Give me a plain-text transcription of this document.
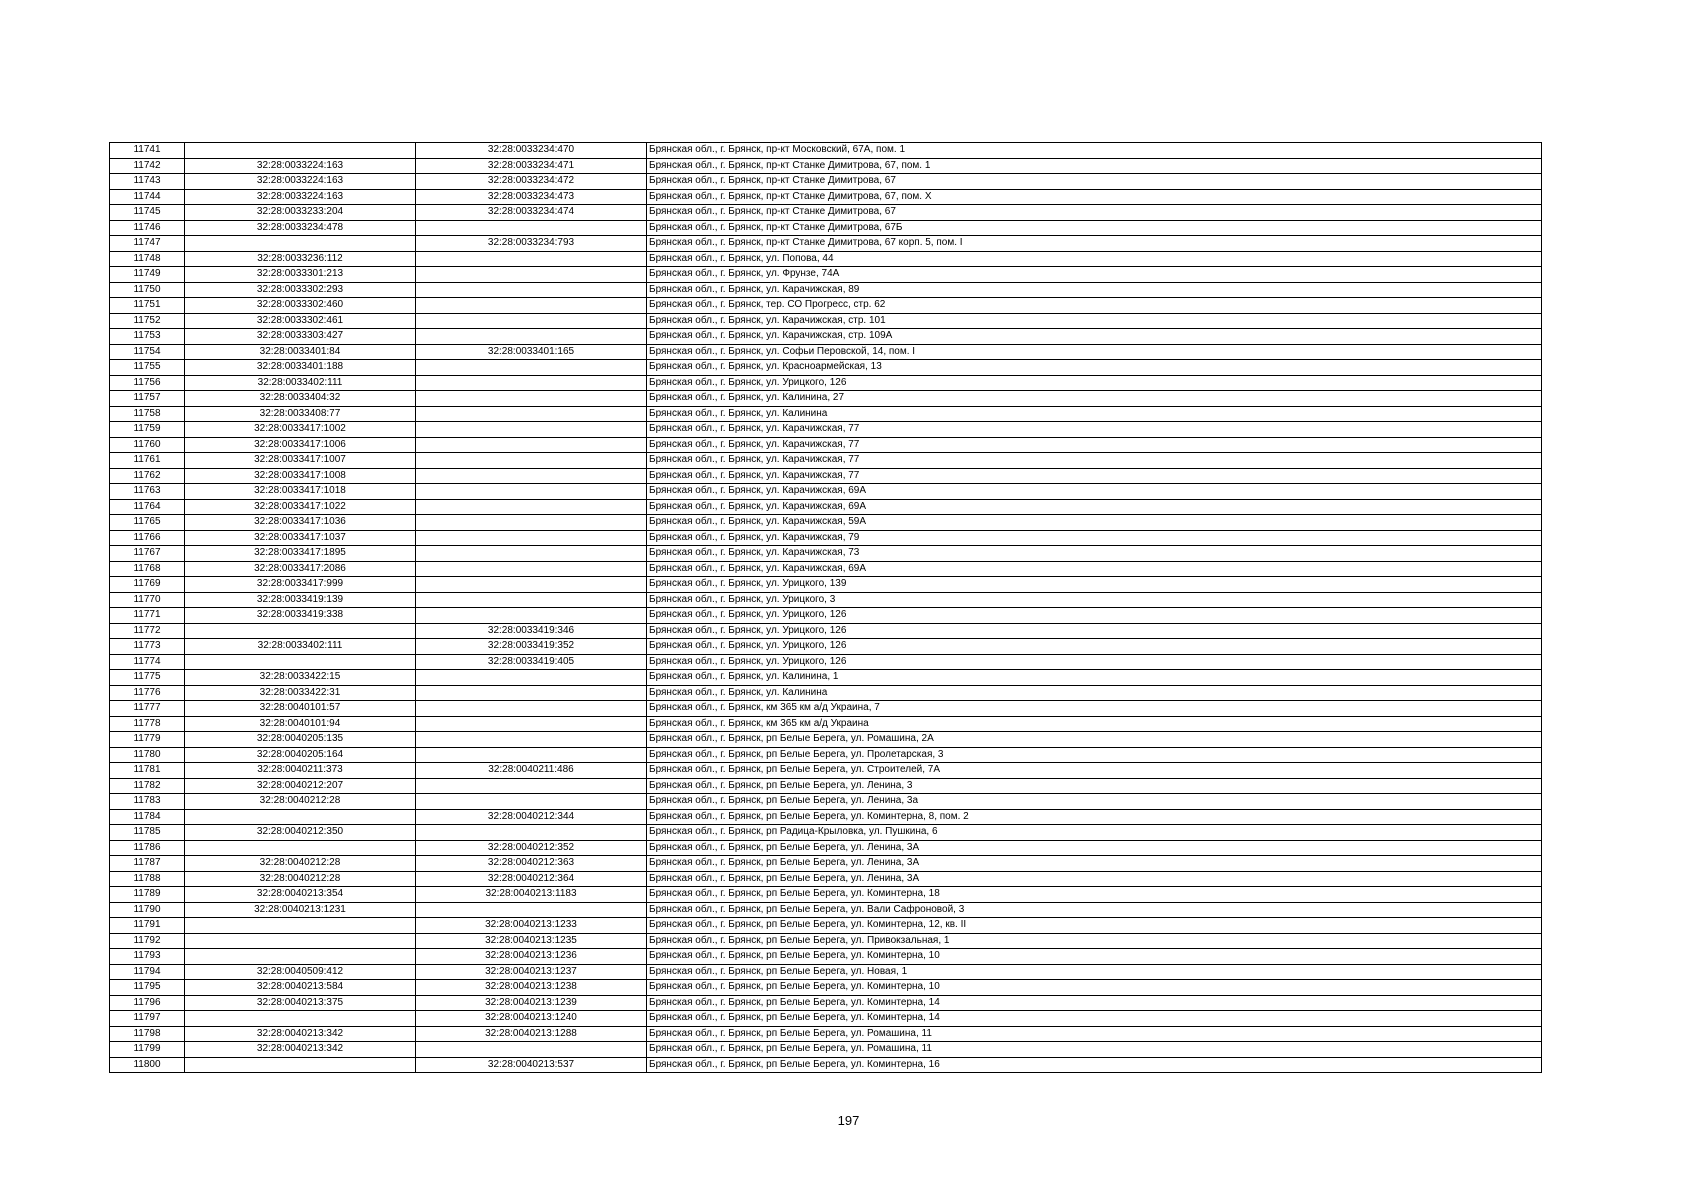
11741		32:28:0033234:470	Брянская обл., г. Брянск, пр-кт Московский, 67А, пом. 1
11742	32:28:0033224:163	32:28:0033234:471	Брянская обл., г. Брянск, пр-кт Станке Димитрова, 67, пом. 1
11743	32:28:0033224:163	32:28:0033234:472	Брянская обл., г. Брянск, пр-кт Станке Димитрова, 67
11744	32:28:0033224:163	32:28:0033234:473	Брянская обл., г. Брянск, пр-кт Станке Димитрова, 67, пом. X
11745	32:28:0033233:204	32:28:0033234:474	Брянская обл., г. Брянск, пр-кт Станке Димитрова, 67
11746	32:28:0033234:478		Брянская обл., г. Брянск, пр-кт Станке Димитрова, 67Б
11747		32:28:0033234:793	Брянская обл., г. Брянск, пр-кт Станке Димитрова, 67 корп. 5, пом. I
11748	32:28:0033236:112		Брянская обл., г. Брянск, ул. Попова, 44
11749	32:28:0033301:213		Брянская обл., г. Брянск, ул. Фрунзе, 74А
11750	32:28:0033302:293		Брянская обл., г. Брянск, ул. Карачижская, 89
11751	32:28:0033302:460		Брянская обл., г. Брянск, тер. СО Прогресс, стр. 62
11752	32:28:0033302:461		Брянская обл., г. Брянск, ул. Карачижская, стр. 101
11753	32:28:0033303:427		Брянская обл., г. Брянск, ул. Карачижская, стр. 109А
11754	32:28:0033401:84	32:28:0033401:165	Брянская обл., г. Брянск, ул. Софьи Перовской, 14, пом. I
11755	32:28:0033401:188		Брянская обл., г. Брянск, ул. Красноармейская, 13
11756	32:28:0033402:111		Брянская обл., г. Брянск, ул. Урицкого, 126
11757	32:28:0033404:32		Брянская обл., г. Брянск, ул. Калинина, 27
11758	32:28:0033408:77		Брянская обл., г. Брянск, ул. Калинина
11759	32:28:0033417:1002		Брянская обл., г. Брянск, ул. Карачижская, 77
11760	32:28:0033417:1006		Брянская обл., г. Брянск, ул. Карачижская, 77
11761	32:28:0033417:1007		Брянская обл., г. Брянск, ул. Карачижская, 77
11762	32:28:0033417:1008		Брянская обл., г. Брянск, ул. Карачижская, 77
11763	32:28:0033417:1018		Брянская обл., г. Брянск, ул. Карачижская, 69А
11764	32:28:0033417:1022		Брянская обл., г. Брянск, ул. Карачижская, 69А
11765	32:28:0033417:1036		Брянская обл., г. Брянск, ул. Карачижская, 59А
11766	32:28:0033417:1037		Брянская обл., г. Брянск, ул. Карачижская, 79
11767	32:28:0033417:1895		Брянская обл., г. Брянск, ул. Карачижская, 73
11768	32:28:0033417:2086		Брянская обл., г. Брянск, ул. Карачижская, 69А
11769	32:28:0033417:999		Брянская обл., г. Брянск, ул. Урицкого, 139
11770	32:28:0033419:139		Брянская обл., г. Брянск, ул. Урицкого, 3
11771	32:28:0033419:338		Брянская обл., г. Брянск, ул. Урицкого, 126
11772		32:28:0033419:346	Брянская обл., г. Брянск, ул. Урицкого, 126
11773	32:28:0033402:111	32:28:0033419:352	Брянская обл., г. Брянск, ул. Урицкого, 126
11774		32:28:0033419:405	Брянская обл., г. Брянск, ул. Урицкого, 126
11775	32:28:0033422:15		Брянская обл., г. Брянск, ул. Калинина, 1
11776	32:28:0033422:31		Брянская обл., г. Брянск, ул. Калинина
11777	32:28:0040101:57		Брянская обл., г. Брянск, км 365 км а/д Украина, 7
11778	32:28:0040101:94		Брянская обл., г. Брянск, км 365 км а/д Украина
11779	32:28:0040205:135		Брянская обл., г. Брянск, рп Белые Берега, ул. Ромашина, 2А
11780	32:28:0040205:164		Брянская обл., г. Брянск, рп Белые Берега, ул. Пролетарская, 3
11781	32:28:0040211:373	32:28:0040211:486	Брянская обл., г. Брянск, рп Белые Берега, ул. Строителей, 7А
11782	32:28:0040212:207		Брянская обл., г. Брянск, рп Белые Берега, ул. Ленина, 3
11783	32:28:0040212:28		Брянская обл., г. Брянск, рп Белые Берега, ул. Ленина, 3а
11784		32:28:0040212:344	Брянская обл., г. Брянск, рп Белые Берега, ул. Коминтерна, 8, пом. 2
11785	32:28:0040212:350		Брянская обл., г. Брянск, рп Радица-Крыловка, ул. Пушкина, 6
11786		32:28:0040212:352	Брянская обл., г. Брянск, рп Белые Берега, ул. Ленина, 3А
11787	32:28:0040212:28	32:28:0040212:363	Брянская обл., г. Брянск, рп Белые Берега, ул. Ленина, 3А
11788	32:28:0040212:28	32:28:0040212:364	Брянская обл., г. Брянск, рп Белые Берега, ул. Ленина, 3А
11789	32:28:0040213:354	32:28:0040213:1183	Брянская обл., г. Брянск, рп Белые Берега, ул. Коминтерна, 18
11790	32:28:0040213:1231		Брянская обл., г. Брянск, рп Белые Берега, ул. Вали Сафроновой, 3
11791		32:28:0040213:1233	Брянская обл., г. Брянск, рп Белые Берега, ул. Коминтерна, 12, кв. II
11792		32:28:0040213:1235	Брянская обл., г. Брянск, рп Белые Берега, ул. Привокзальная, 1
11793		32:28:0040213:1236	Брянская обл., г. Брянск, рп Белые Берега, ул. Коминтерна, 10
11794	32:28:0040509:412	32:28:0040213:1237	Брянская обл., г. Брянск, рп Белые Берега, ул. Новая, 1
11795	32:28:0040213:584	32:28:0040213:1238	Брянская обл., г. Брянск, рп Белые Берега, ул. Коминтерна, 10
11796	32:28:0040213:375	32:28:0040213:1239	Брянская обл., г. Брянск, рп Белые Берега, ул. Коминтерна, 14
11797		32:28:0040213:1240	Брянская обл., г. Брянск, рп Белые Берега, ул. Коминтерна, 14
11798	32:28:0040213:342	32:28:0040213:1288	Брянская обл., г. Брянск, рп Белые Берега, ул. Ромашина, 11
11799	32:28:0040213:342		Брянская обл., г. Брянск, рп Белые Берега, ул. Ромашина, 11
11800		32:28:0040213:537	Брянская обл., г. Брянск, рп Белые Берега, ул. Коминтерна, 16
197
